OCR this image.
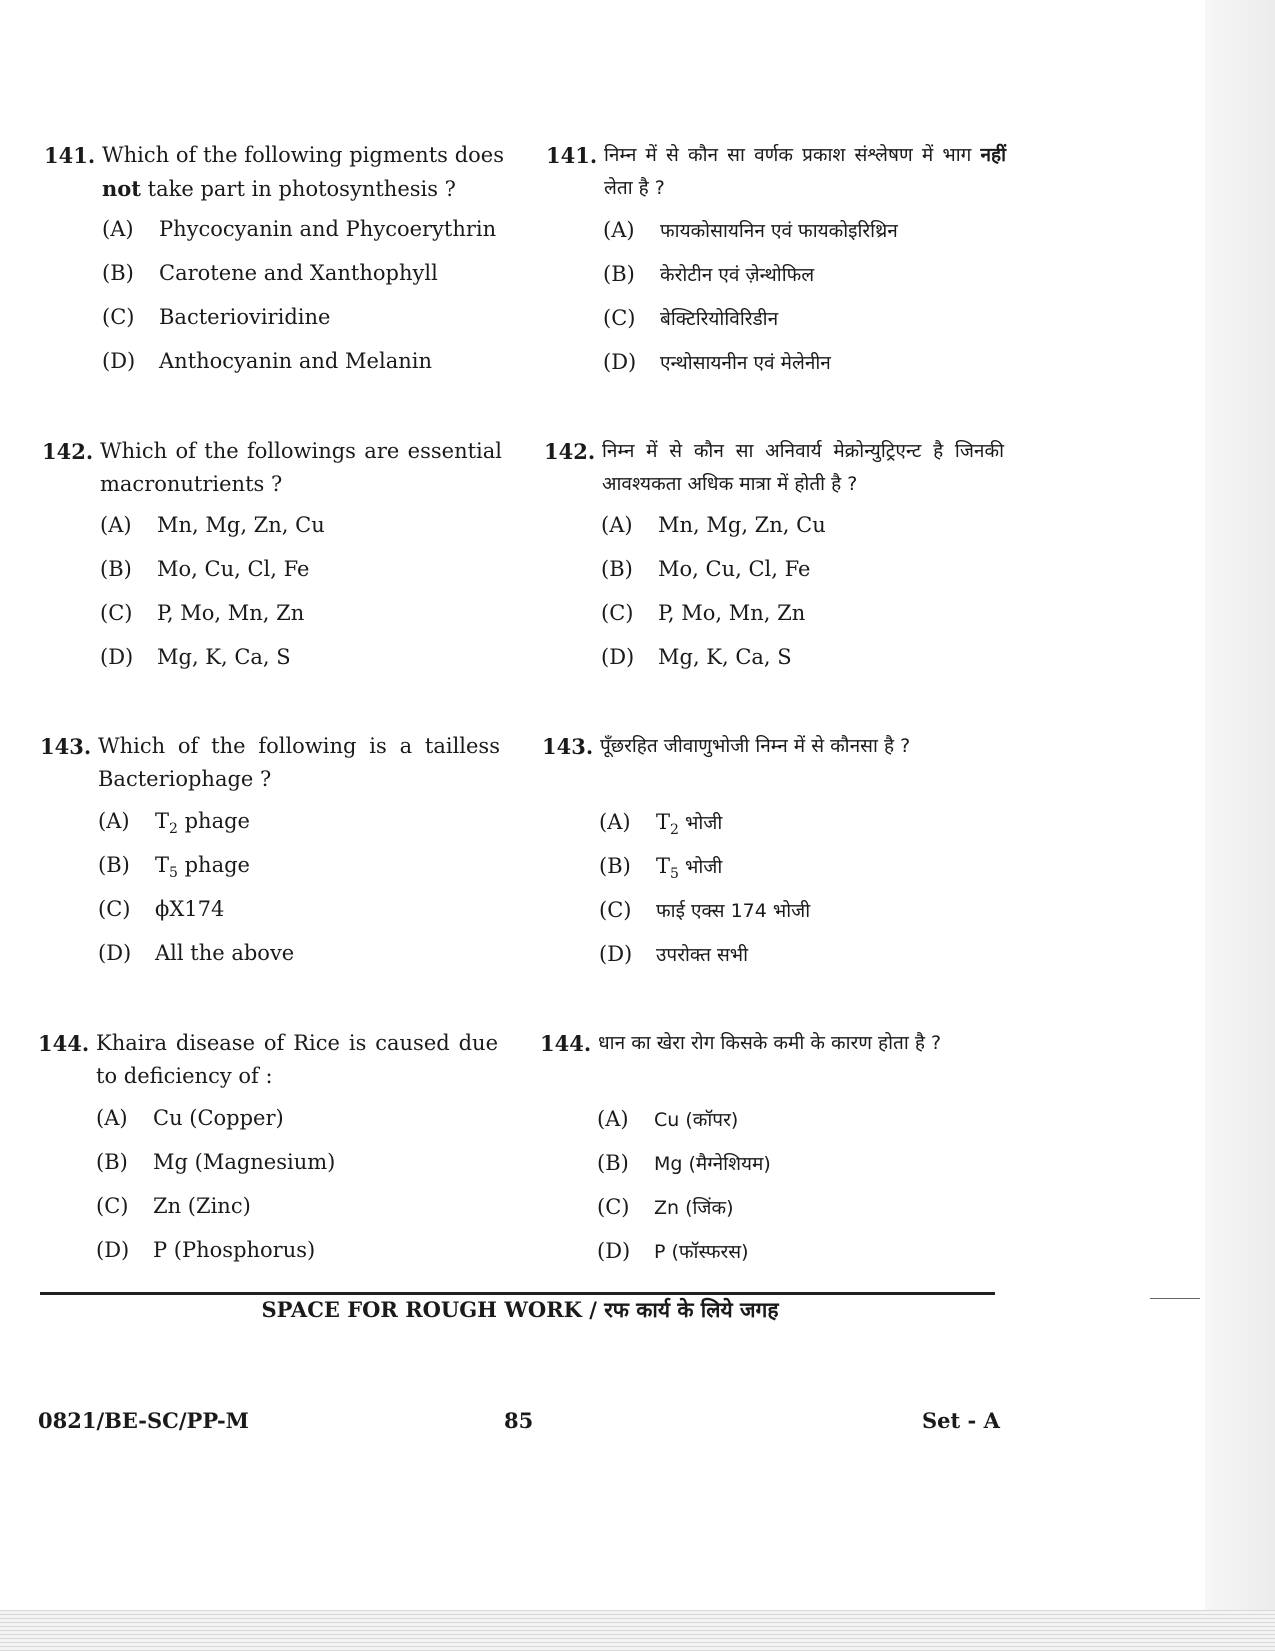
141. Which of the following pigments does not take part in photosynthesis ?
(A) Phycocyanin and Phycoerythrin
(B) Carotene and Xanthophyll
(C) Bacterioviridine
(D) Anthocyanin and Melanin
142. Which of the followings are essential macronutrients ?
(A) Mn, Mg, Zn, Cu
(B) Mo, Cu, Cl, Fe
(C) P, Mo, Mn, Zn
(D) Mg, K, Ca, S
143. Which of the following is a tailless Bacteriophage ?
(A) $T_2$ phage
(B) $T_5$ phage
(C) ϕX174
(D) All the above
144. Khaira disease of Rice is caused due to deficiency of :
(A) Cu (Copper)
(B) Mg (Magnesium)
(C) Zn (Zinc)
(D) P (Phosphorus)
141. निम्न में से कौन सा वर्णक प्रकाश संश्लेषण में भाग नहीं लेता है ?
(A) फायकोसायनिन एवं फायकोइरिथ्रिन
(B) केरोटीन एवं ज़ेन्थोफिल
(C) बेक्टिरियोविरिडीन
(D) एन्थोसायनीन एवं मेलेनीन
142. निम्न में से कौन सा अनिवार्य मेक्रोन्युट्रिएन्ट है जिनकी आवश्यकता अधिक मात्रा में होती है ?
(A) Mn, Mg, Zn, Cu
(B) Mo, Cu, Cl, Fe
(C) P, Mo, Mn, Zn
(D) Mg, K, Ca, S
143. पूँछरहित जीवाणुभोजी निम्न में से कौनसा है ?
(A) $T_2$ भोजी
(B) $T_5$ भोजी
(C) फाई एक्स 174 भोजी
(D) उपरोक्त सभी
144. धान का खेरा रोग किसके कमी के कारण होता है ?
(A) Cu (कॉपर)
(B) Mg (मैग्नेशियम)
(C) Zn (जिंक)
(D) P (फॉस्फरस)
SPACE FOR ROUGH WORK / रफ कार्य के लिये जगह
0821/BE-SC/PP-M	85	Set - A
